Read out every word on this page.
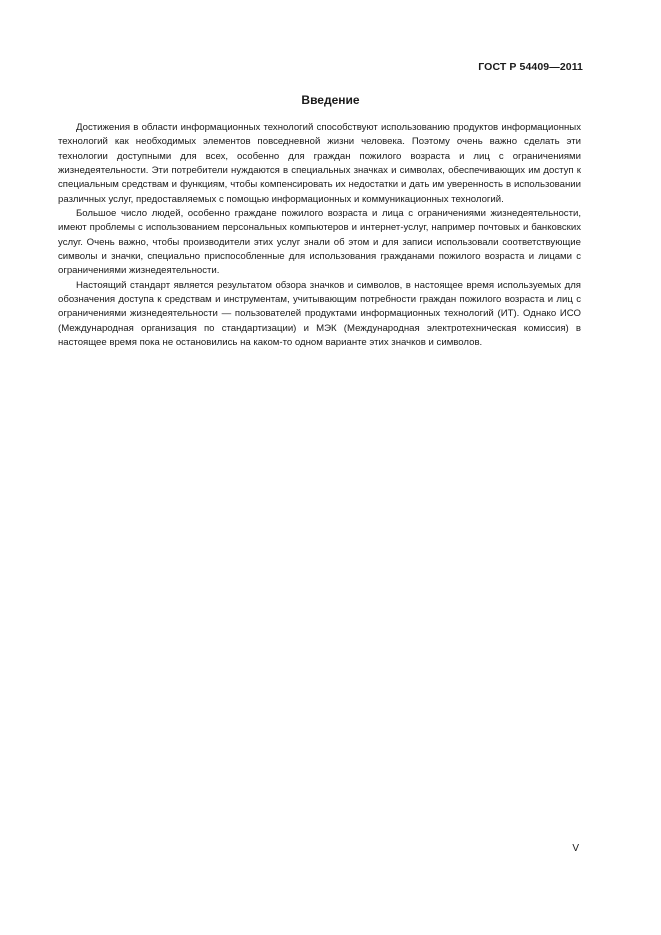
ГОСТ Р 54409—2011
Введение

Достижения в области информационных технологий способствуют использованию продуктов информационных технологий как необходимых элементов повседневной жизни человека. Поэтому очень важно сделать эти технологии доступными для всех, особенно для граждан пожилого возраста и лиц с ограничениями жизнедеятельности. Эти потребители нуждаются в специальных значках и символах, обеспечивающих им доступ к специальным средствам и функциям, чтобы компенсировать их недостатки и дать им уверенность в использовании различных услуг, предоставляемых с помощью информационных и коммуникационных технологий.

Большое число людей, особенно граждане пожилого возраста и лица с ограничениями жизнедеятельности, имеют проблемы с использованием персональных компьютеров и интернет-услуг, например почтовых и банковских услуг. Очень важно, чтобы производители этих услуг знали об этом и для записи использовали соответствующие символы и значки, специально приспособленные для использования гражданами пожилого возраста и лицами с ограничениями жизнедеятельности.

Настоящий стандарт является результатом обзора значков и символов, в настоящее время используемых для обозначения доступа к средствам и инструментам, учитывающим потребности граждан пожилого возраста и лиц с ограничениями жизнедеятельности — пользователей продуктами информационных технологий (ИТ). Однако ИСО (Международная организация по стандартизации) и МЭК (Международная электротехническая комиссия) в настоящее время пока не остановились на каком-то одном варианте этих значков и символов.

V
